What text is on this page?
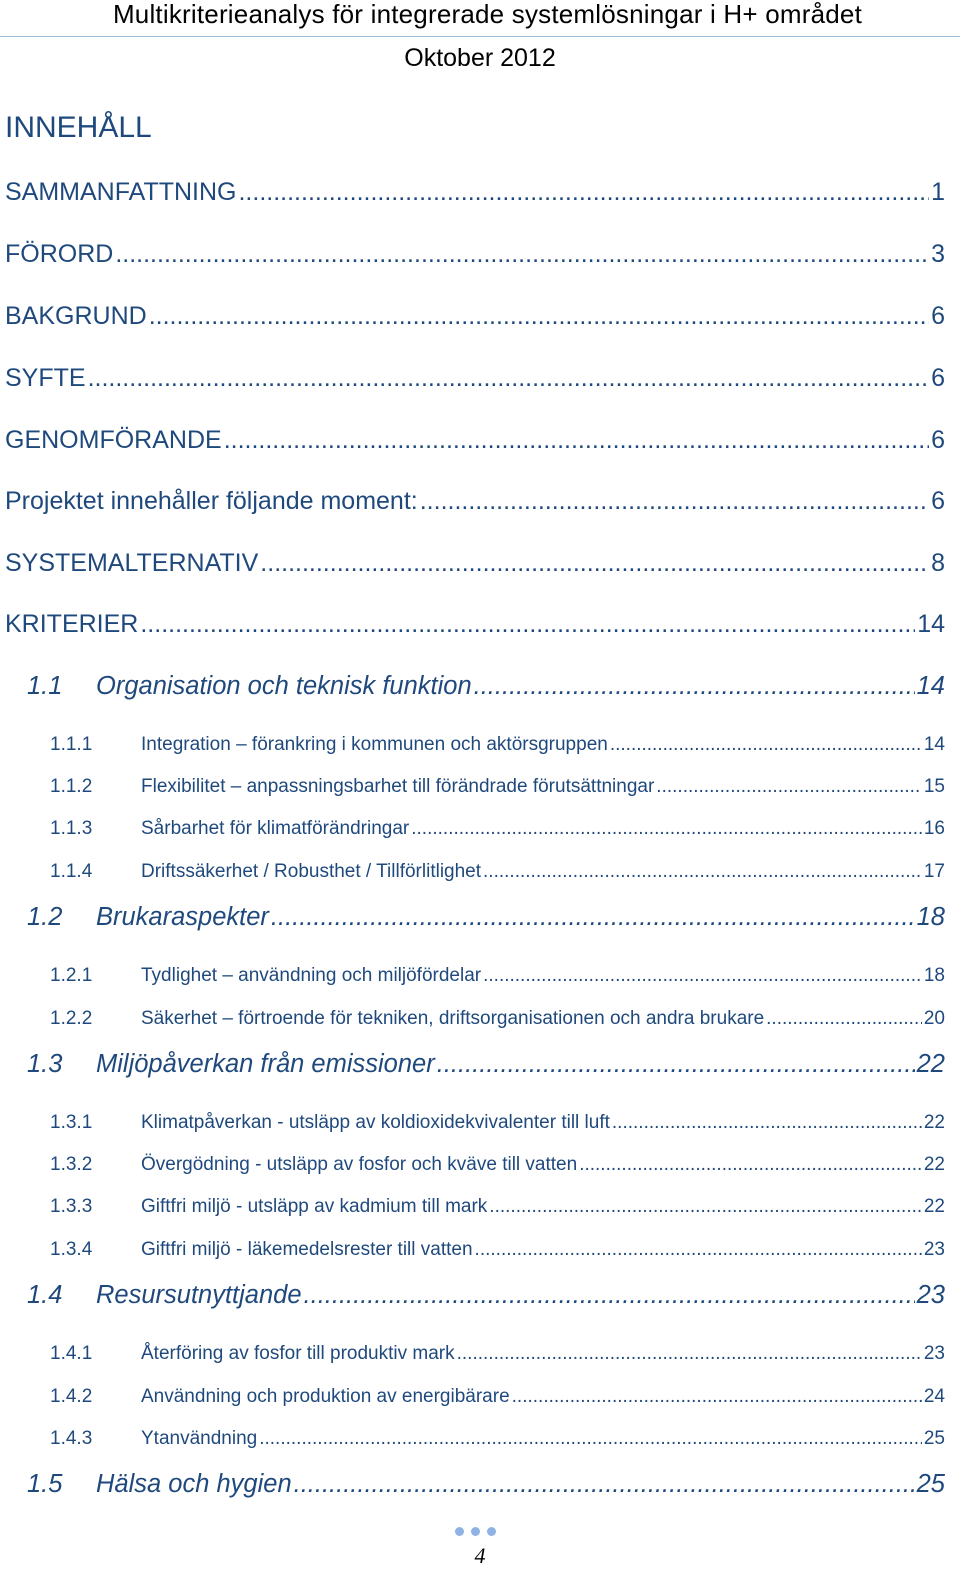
Multikriterieanalys för integrerade systemlösningar i H+ området
Oktober 2012
INNEHÅLL
SAMMANFATTNING .....	1
FÖRORD .....	3
BAKGRUND .....	6
SYFTE .....	6
GENOMFÖRANDE .....	6
Projektet innehåller följande moment: .....	6
SYSTEMALTERNATIV .....	8
KRITERIER .....	14
1.1	Organisation och teknisk funktion .....	14
1.1.1	Integration – förankring i kommunen och aktörsgruppen .....	14
1.1.2	Flexibilitet – anpassningsbarhet till förändrade förutsättningar .....	15
1.1.3	Sårbarhet för klimatförändringar .....	16
1.1.4	Driftssäkerhet / Robusthet / Tillförlitlighet .....	17
1.2	Brukaraspekter .....	18
1.2.1	Tydlighet – användning och miljöfördelar .....	18
1.2.2	Säkerhet – förtroende för tekniken, driftsorganisationen och andra brukare .....	20
1.3	Miljöpåverkan från emissioner .....	22
1.3.1	Klimatpåverkan - utsläpp av koldioxidekvivalenter till luft .....	22
1.3.2	Övergödning - utsläpp av fosfor och kväve till vatten .....	22
1.3.3	Giftfri miljö - utsläpp av kadmium till mark .....	22
1.3.4	Giftfri miljö - läkemedelsrester till vatten .....	23
1.4	Resursutnyttjande .....	23
1.4.1	Återföring av fosfor till produktiv mark .....	23
1.4.2	Användning och produktion av energibärare .....	24
1.4.3	Ytanvändning .....	25
1.5	Hälsa och hygien .....	25
4
